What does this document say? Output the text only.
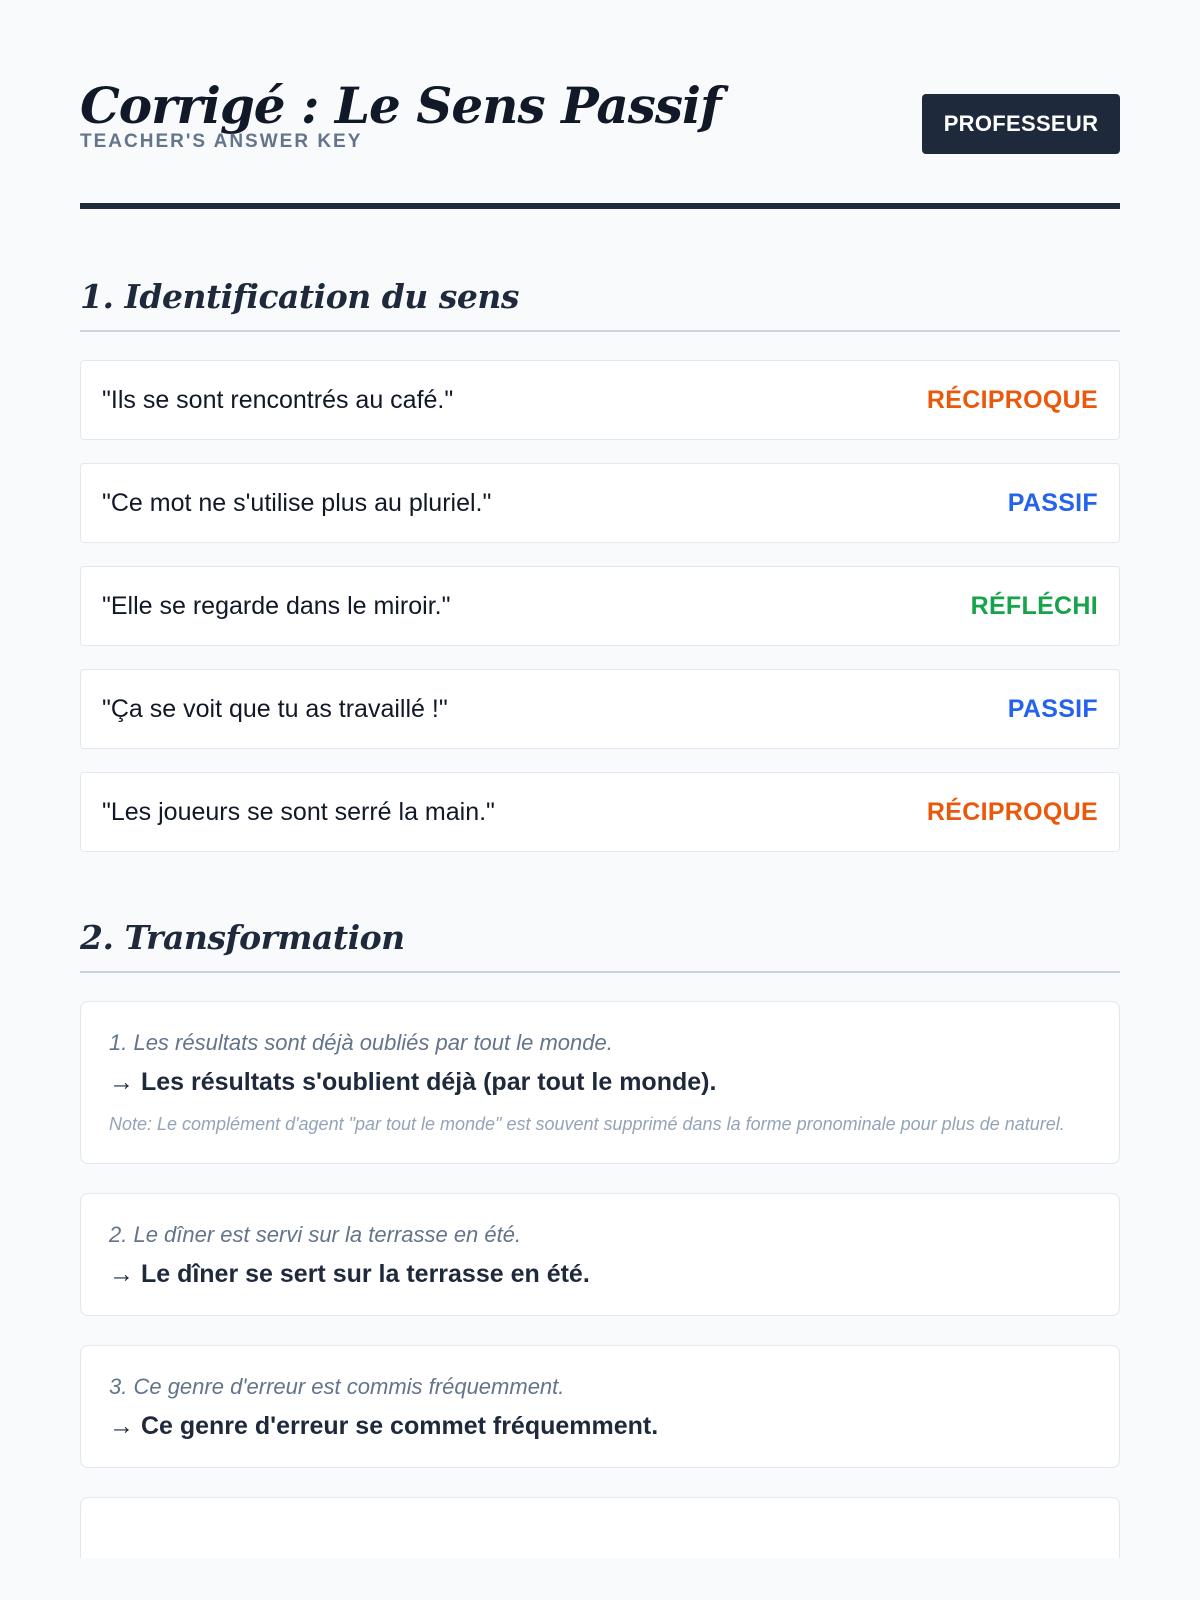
Corrigé : Le Sens Passif
TEACHER'S ANSWER KEY
PROFESSEUR
1. Identification du sens
"Ils se sont rencontrés au café."	RÉCIPROQUE
"Ce mot ne s'utilise plus au pluriel."	PASSIF
"Elle se regarde dans le miroir."	RÉFLÉCHI
"Ça se voit que tu as travaillé !"	PASSIF
"Les joueurs se sont serré la main."	RÉCIPROQUE
2. Transformation
1. Les résultats sont déjà oubliés par tout le monde.
→ Les résultats s'oublient déjà (par tout le monde).
Note: Le complément d'agent "par tout le monde" est souvent supprimé dans la forme pronominale pour plus de naturel.
2. Le dîner est servi sur la terrasse en été.
→ Le dîner se sert sur la terrasse en été.
3. Ce genre d'erreur est commis fréquemment.
→ Ce genre d'erreur se commet fréquemment.
